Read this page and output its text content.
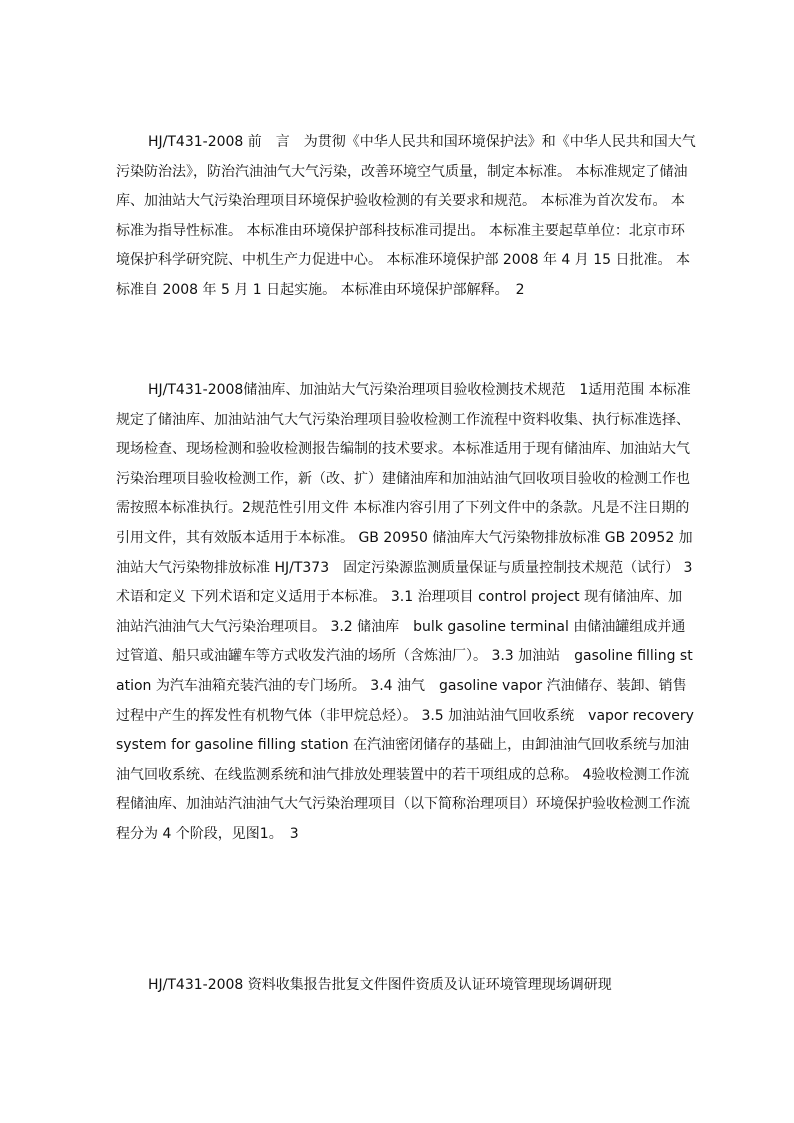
HJ/T431-2008 前　言　为贯彻《中华人民共和国环境保护法》和《中华人民共和国大气污染防治法》，防治汽油油气大气污染，改善环境空气质量，制定本标准。 本标准规定了储油库、加油站大气污染治理项目环境保护验收检测的有关要求和规范。 本标准为首次发布。 本标准为指导性标准。 本标准由环境保护部科技标准司提出。 本标准主要起草单位：北京市环境保护科学研究院、中机生产力促进中心。 本标准环境保护部 2008 年 4 月 15 日批准。 本标准自 2008 年 5 月 1 日起实施。 本标准由环境保护部解释。　2

HJ/T431-2008储油库、加油站大气污染治理项目验收检测技术规范　1适用范围 本标准规定了储油库、加油站油气大气污染治理项目验收检测工作流程中资料收集、执行标准选择、现场检查、现场检测和验收检测报告编制的技术要求。本标准适用于现有储油库、加油站大气污染治理项目验收检测工作，新（改、扩）建储油库和加油站油气回收项目验收的检测工作也需按照本标准执行。2规范性引用文件 本标准内容引用了下列文件中的条款。凡是不注日期的引用文件，其有效版本适用于本标准。 GB 20950 储油库大气污染物排放标准 GB 20952 加油站大气污染物排放标准 HJ/T373　固定污染源监测质量保证与质量控制技术规范（试行） 3 术语和定义 下列术语和定义适用于本标准。 3.1 治理项目 control project 现有储油库、加油站汽油油气大气污染治理项目。 3.2 储油库　bulk gasoline terminal 由储油罐组成并通过管道、船只或油罐车等方式收发汽油的场所（含炼油厂）。 3.3 加油站　gasoline filling station 为汽车油箱充装汽油的专门场所。 3.4 油气　gasoline vapor 汽油储存、装卸、销售过程中产生的挥发性有机物气体（非甲烷总烃）。 3.5 加油站油气回收系统　vapor recovery system for gasoline filling station 在汽油密闭储存的基础上，由卸油油气回收系统与加油油气回收系统、在线监测系统和油气排放处理装置中的若干项组成的总称。 4验收检测工作流程储油库、加油站汽油油气大气污染治理项目（以下简称治理项目）环境保护验收检测工作流程分为 4 个阶段，见图1。　3

HJ/T431-2008 资料收集报告批复文件图件资质及认证环境管理现场调研现
